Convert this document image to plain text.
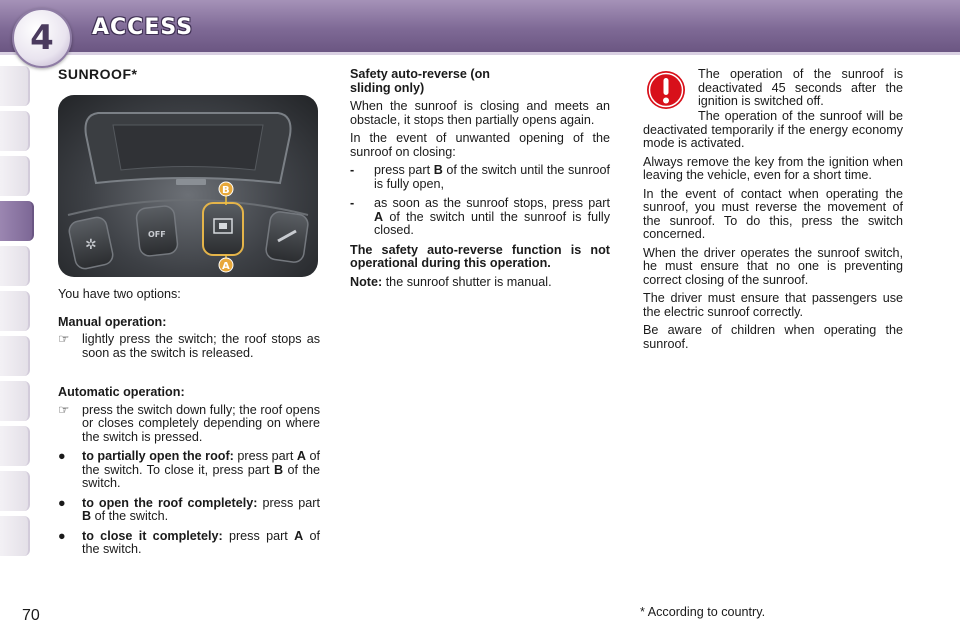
4 ACCESS
SUNROOF*
✲
OFF
B
A

You have two options:

Manual operation:
☞ lightly press the switch; the roof stops as soon as the switch is released.
Automatic operation:
☞ press the switch down fully; the roof opens or closes completely depending on where the switch is pressed.
● to partially open the roof: press part A of the switch. To close it, press part B of the switch.
● to open the roof completely: press part B of the switch.
● to close it completely: press part A of the switch.
Safety auto-reverse (on sliding only)

When the sunroof is closing and meets an obstacle, it stops then partially opens again.

In the event of unwanted opening of the sunroof on closing:

- press part B of the switch until the sunroof is fully open,
- as soon as the sunroof stops, press part A of the switch until the sunroof is fully closed.

The safety auto-reverse function is not operational during this operation.

Note: the sunroof shutter is manual.

The operation of the sunroof is deactivated 45 seconds after the ignition is switched off.

The operation of the sunroof will be deactivated temporarily if the energy economy mode is activated.

Always remove the key from the ignition when leaving the vehicle, even for a short time.

In the event of contact when operating the sunroof, you must reverse the movement of the sunroof. To do this, press the switch concerned.

When the driver operates the sunroof switch, he must ensure that no one is preventing correct closing of the sunroof.

The driver must ensure that passengers use the electric sunroof correctly.

Be aware of children when operating the sunroof.

70	* According to country.
